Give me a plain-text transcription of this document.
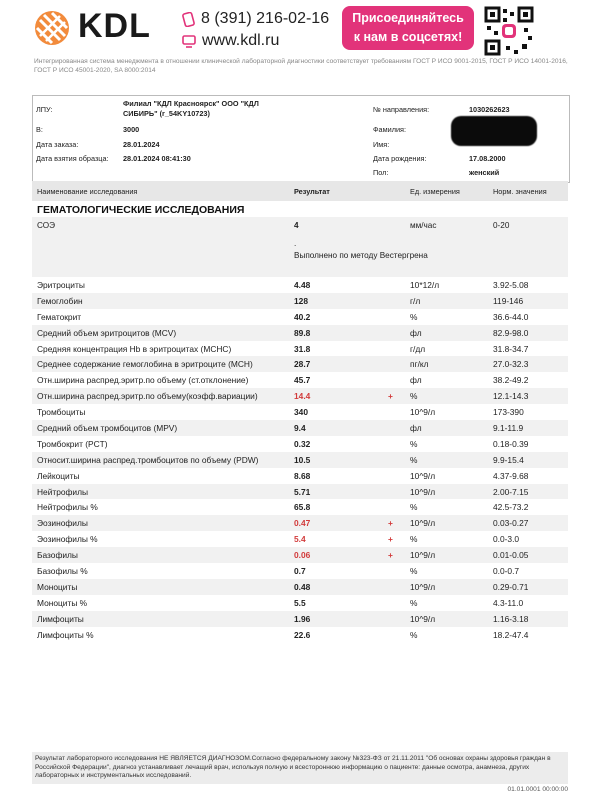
KDL	8 (391) 216-02-16
www.kdl.ru
Присоединяйтесь
к нам в соцсетях!
Интегрированная система менеджмента в отношении клинической лабораторной диагностики соответствует требованиям ГОСТ Р ИСО 9001-2015, ГОСТ Р ИСО 14001-2016, ГОСТ Р ИСО 45001-2020, SA 8000:2014
ЛПУ:
Филиал "КДЛ Красноярск" ООО "КДЛ
СИБИРЬ" (r_54KY10723)
В:	3000
Дата заказа:	28.01.2024
Дата взятия образца: 28.01.2024 08:41:30
№ направления:	1030262623
Фамилия:
Имя:
Дата рождения:	17.08.2000
Пол:	женский
Наименование исследования	Результат	Ед. измерения	Норм. значения
ГЕМАТОЛОГИЧЕСКИЕ ИССЛЕДОВАНИЯ
СОЭ	4	мм/час	0-20
.
Выполнено по методу Вестергрена
Эритроциты	4.48	10*12/л	3.92-5.08
Гемоглобин	128	г/л	119-146
Гематокрит	40.2	%	36.6-44.0
Средний объем эритроцитов (MCV)	89.8	фл	82.9-98.0
Средняя концентрация Hb в эритроцитах (MCHC)	31.8	г/дл	31.8-34.7
Среднее содержание гемоглобина в эритроците (MCH)	28.7	пг/кл	27.0-32.3
Отн.ширина распред.эритр.по объему (ст.отклонение)	45.7	фл	38.2-49.2
Отн.ширина распред.эритр.по объему(коэфф.вариации)	14.4	+ %	12.1-14.3
Тромбоциты	340	10^9/л	173-390
Средний объем тромбоцитов (MPV)	9.4	фл	9.1-11.9
Тромбокрит (PCT)	0.32	%	0.18-0.39
Относит.ширина распред.тромбоцитов по объему (PDW)	10.5	%	9.9-15.4
Лейкоциты	8.68	10^9/л	4.37-9.68
Нейтрофилы	5.71	10^9/л	2.00-7.15
Нейтрофилы %	65.8	%	42.5-73.2
Эозинофилы	0.47	+ 10^9/л	0.03-0.27
Эозинофилы %	5.4	+ %	0.0-3.0
Базофилы	0.06	+ 10^9/л	0.01-0.05
Базофилы %	0.7	%	0.0-0.7
Моноциты	0.48	10^9/л	0.29-0.71
Моноциты %	5.5	%	4.3-11.0
Лимфоциты	1.96	10^9/л	1.16-3.18
Лимфоциты %	22.6	%	18.2-47.4
Результат лабораторного исследования НЕ ЯВЛЯЕТСЯ ДИАГНОЗОМ.Согласно федеральному закону №323-ФЗ от 21.11.2011 "Об основах охраны здоровья граждан в Российской Федерации", диагноз устанавливает лечащий врач, используя полную и всестороннюю информацию о пациенте: данные осмотра, анамнеза, других лабораторных и инструментальных исследований.
01.01.0001 00:00:00
